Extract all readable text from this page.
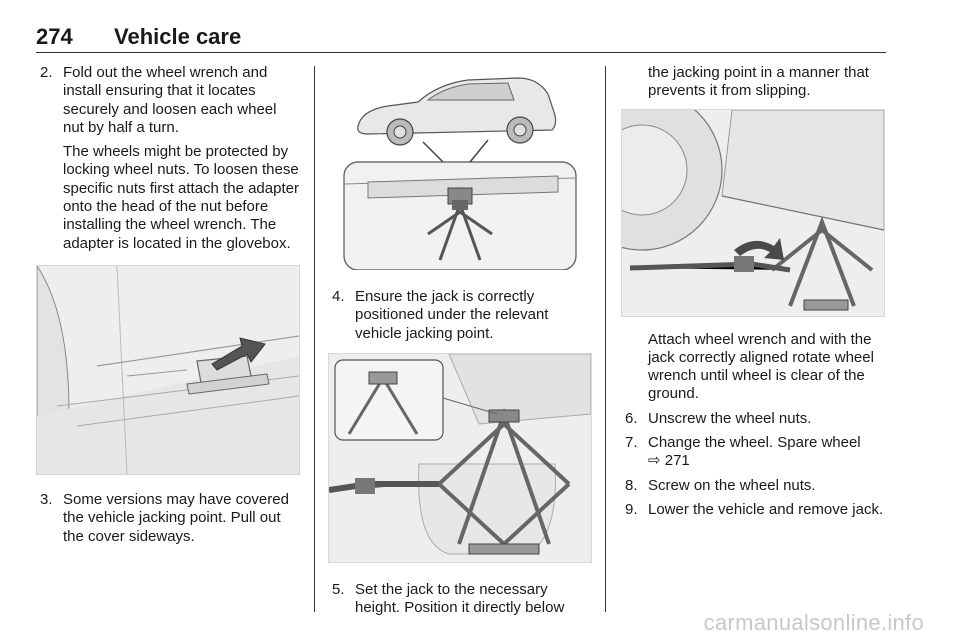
274 Vehicle care
2. Fold out the wheel wrench and install ensuring that it locates securely and loosen each wheel nut by half a turn.

The wheels might be protected by locking wheel nuts. To loosen these specific nuts first attach the adapter onto the head of the nut before installing the wheel wrench. The adapter is located in the glovebox.

3. Some versions may have covered the vehicle jacking point. Pull out the cover sideways.

4. Ensure the jack is correctly positioned under the relevant vehicle jacking point.

5. Set the jack to the necessary height. Position it directly below

the jacking point in a manner that prevents it from slipping.

Attach wheel wrench and with the jack correctly aligned rotate wheel wrench until wheel is clear of the ground.

6. Unscrew the wheel nuts.

7. Change the wheel. Spare wheel

⇨ 271

8. Screw on the wheel nuts.

9. Lower the vehicle and remove jack.

carmanualsonline.info
